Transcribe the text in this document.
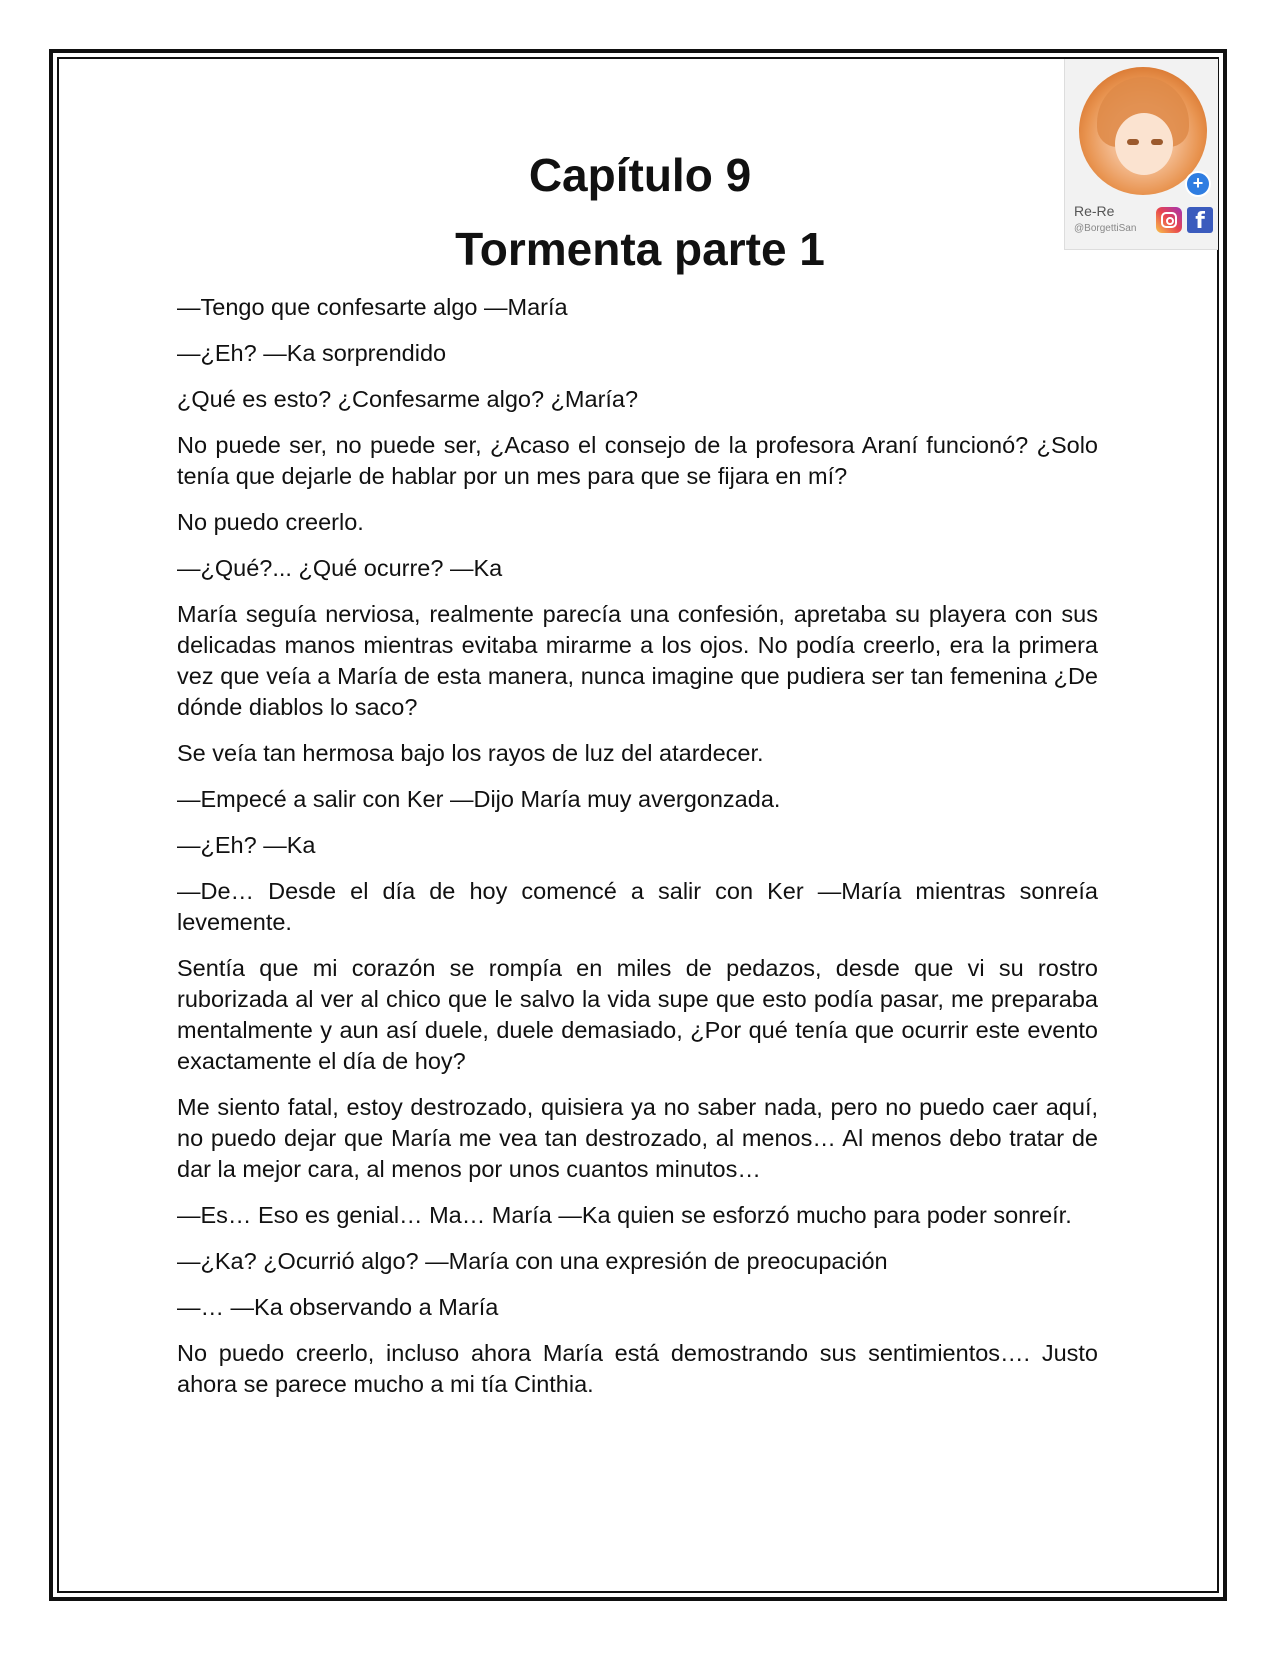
+
Re-Re
@BorgettiSan	f
Capítulo 9
Tormenta parte 1

—Tengo que confesarte algo —María

—¿Eh? —Ka sorprendido

¿Qué es esto? ¿Confesarme algo? ¿María?

No puede ser, no puede ser, ¿Acaso el consejo de la profesora Araní funcionó? ¿Solo tenía que dejarle de hablar por un mes para que se fijara en mí?

No puedo creerlo.

—¿Qué?... ¿Qué ocurre? —Ka

María seguía nerviosa, realmente parecía una confesión, apretaba su playera con sus delicadas manos mientras evitaba mirarme a los ojos. No podía creerlo, era la primera vez que veía a María de esta manera, nunca imagine que pudiera ser tan femenina ¿De dónde diablos lo saco?

Se veía tan hermosa bajo los rayos de luz del atardecer.

—Empecé a salir con Ker —Dijo María muy avergonzada.

—¿Eh? —Ka

—De… Desde el día de hoy comencé a salir con Ker —María mientras sonreía levemente.

Sentía que mi corazón se rompía en miles de pedazos, desde que vi su rostro ruborizada al ver al chico que le salvo la vida supe que esto podía pasar, me preparaba mentalmente y aun así duele, duele demasiado, ¿Por qué tenía que ocurrir este evento exactamente el día de hoy?

Me siento fatal, estoy destrozado, quisiera ya no saber nada, pero no puedo caer aquí, no puedo dejar que María me vea tan destrozado, al menos… Al menos debo tratar de dar la mejor cara, al menos por unos cuantos minutos…

—Es… Eso es genial… Ma… María —Ka quien se esforzó mucho para poder sonreír.

—¿Ka? ¿Ocurrió algo? —María con una expresión de preocupación

—… —Ka observando a María

No puedo creerlo, incluso ahora María está demostrando sus sentimientos…. Justo ahora se parece mucho a mi tía Cinthia.
